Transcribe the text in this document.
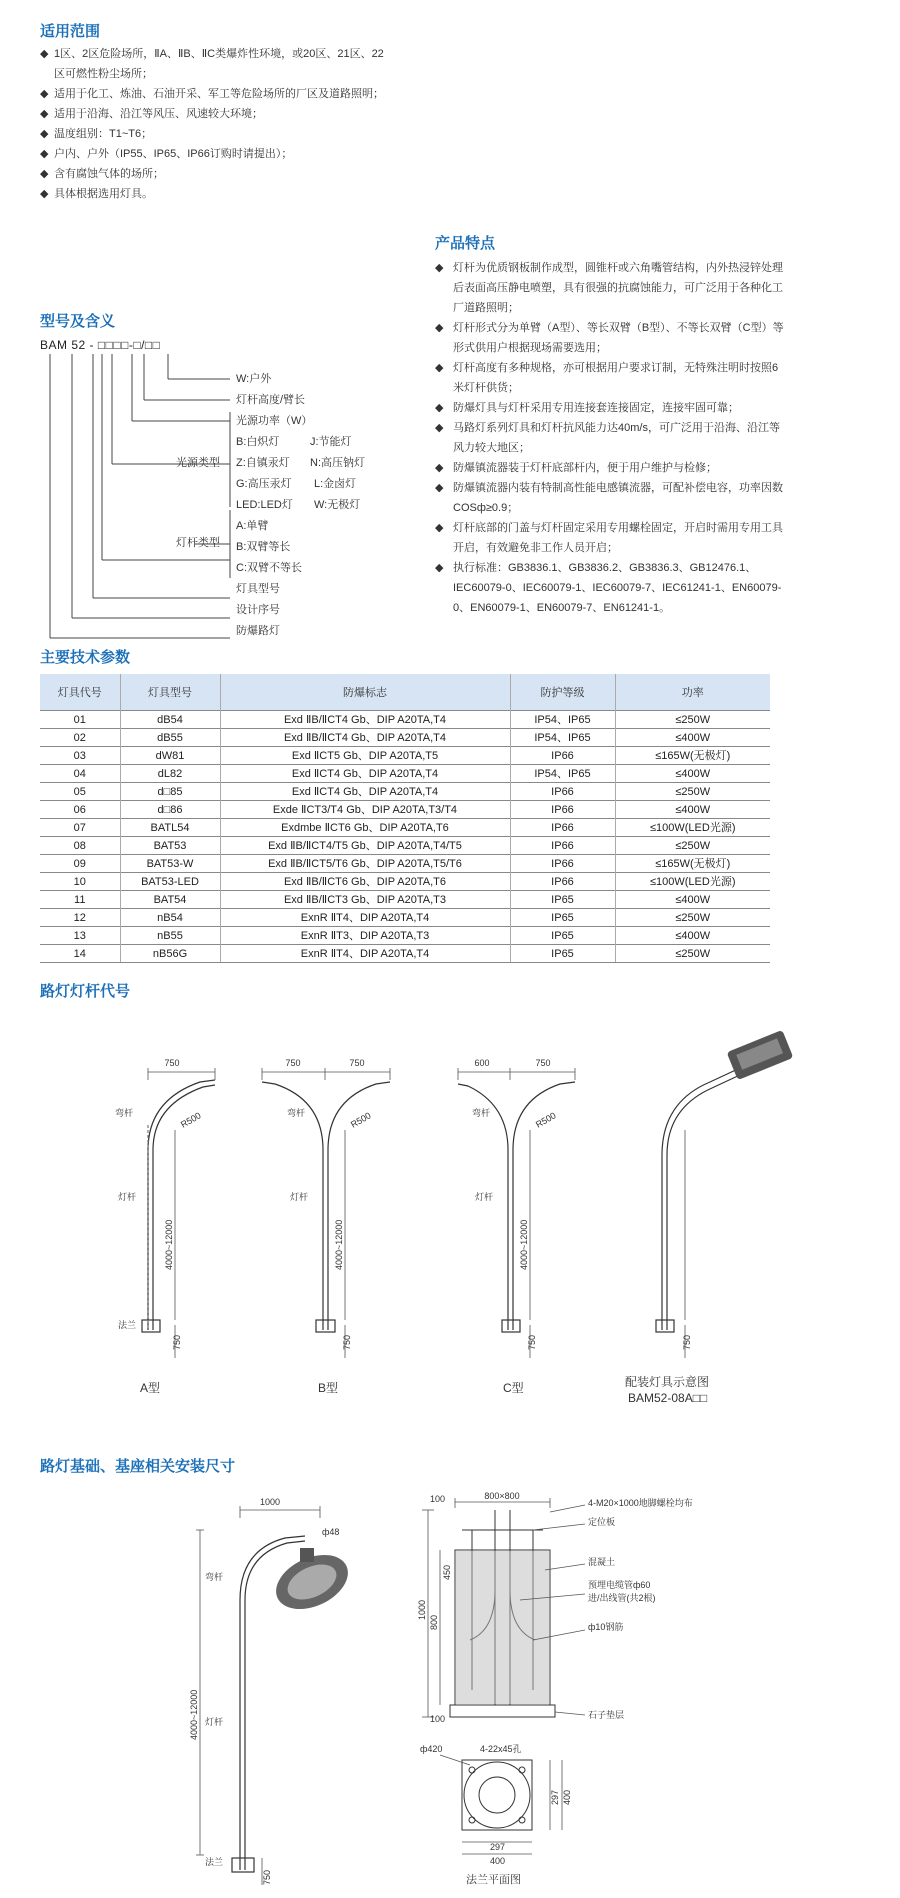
适用范围
◆ 1区、2区危险场所，ⅡA、ⅡB、ⅡC类爆炸性环境，或20区、21区、22区可燃性粉尘场所；
◆ 适用于化工、炼油、石油开采、军工等危险场所的厂区及道路照明；
◆ 适用于沿海、沿江等风压、风速较大环境；
◆ 温度组别：T1~T6；
◆ 户内、户外（IP55、IP65、IP66订购时请提出）；
◆ 含有腐蚀气体的场所；
◆ 具体根据选用灯具。
产品特点
◆ 灯杆为优质钢板制作成型，圆锥杆或六角嘴管结构，内外热浸锌处理后表面高压静电喷塑，具有很强的抗腐蚀能力，可广泛用于各种化工厂道路照明；
◆ 灯杆形式分为单臂（A型）、等长双臂（B型）、不等长双臂（C型）等形式供用户根据现场需要选用；
◆ 灯杆高度有多种规格，亦可根据用户要求订制，无特殊注明时按照6米灯杆供货；
◆ 防爆灯具与灯杆采用专用连接套连接固定，连接牢固可靠；
◆ 马路灯系列灯具和灯杆抗风能力达40m/s，可广泛用于沿海、沿江等风力较大地区；
◆ 防爆镇流器装于灯杆底部杆内，便于用户维护与检修；
◆ 防爆镇流器内装有特制高性能电感镇流器，可配补偿电容，功率因数COSф≥0.9；
◆ 灯杆底部的门盖与灯杆固定采用专用螺栓固定，开启时需用专用工具开启，有效避免非工作人员开启；
◆ 执行标准：GB3836.1、GB3836.2、GB3836.3、GB12476.1、IEC60079-0、IEC60079-1、IEC60079-7、IEC61241-1、EN60079-0、EN60079-1、EN60079-7、EN61241-1。
型号及含义
BAM 52 - □□□□-□/□□
W:户外
灯杆高度/臂长
光源功率（W）
B:白炽灯	J:节能灯
光源类型 Z:自镇汞灯 N:高压钠灯
G:高压汞灯 L:金卤灯
LED:LED灯 W:无极灯
A:单臂
灯杆类型 B:双臂等长
C:双臂不等长
灯具型号
设计序号
防爆路灯
主要技术参数
灯具代号	灯具型号	防爆标志	防护等级	功率
01	dB54	Exd ⅡB/ⅡCT4 Gb、DIP A20TA,T4	IP54、IP65	≤250W
02	dB55	Exd ⅡB/ⅡCT4 Gb、DIP A20TA,T4	IP54、IP65	≤400W
03	dW81	Exd ⅡCT5 Gb、DIP A20TA,T5	IP66	≤165W(无极灯)
04	dL82	Exd ⅡCT4 Gb、DIP A20TA,T4	IP54、IP65	≤400W
05	d□85	Exd ⅡCT4 Gb、DIP A20TA,T4	IP66	≤250W
06	d□86	Exde ⅡCT3/T4 Gb、DIP A20TA,T3/T4	IP66	≤400W
07	BATL54	Exdmbe ⅡCT6 Gb、DIP A20TA,T6	IP66	≤100W(LED光源)
08	BAT53	Exd ⅡB/ⅡCT4/T5 Gb、DIP A20TA,T4/T5	IP66	≤250W
09	BAT53-W	Exd ⅡB/ⅡCT5/T6 Gb、DIP A20TA,T5/T6	IP66	≤165W(无极灯)
10	BAT53-LED	Exd ⅡB/ⅡCT6 Gb、DIP A20TA,T6	IP66	≤100W(LED光源)
11	BAT54	Exd ⅡB/ⅡCT3 Gb、DIP A20TA,T3	IP65	≤400W
12	nB54	ExnR ⅡT4、DIP A20TA,T4	IP65	≤250W
13	nB55	ExnR ⅡT3、DIP A20TA,T3	IP65	≤400W
14	nB56G	ExnR ⅡT4、DIP A20TA,T4	IP65	≤250W
路灯灯杆代号
750	750	750	600	750
R500	R500	R500
弯杆	弯杆	弯杆
灯杆	灯杆	灯杆
法兰
4000~12000	4000~12000	4000~12000
750	750	750	750
A型	B型	C型	配装灯具示意图
BAM52-08A□□
路灯基础、基座相关安装尺寸
1000
ф48
弯杆
灯杆
法兰
4000~12000
750
800×800
100
1000
800
450
100
4-M20×1000地脚螺栓均布
定位板
混凝土
预埋电缆管ф60
进/出线管(共2根)
ф10钢筋
石子垫层
4-22x45孔
ф420
297
400
297 400
法兰平面图
